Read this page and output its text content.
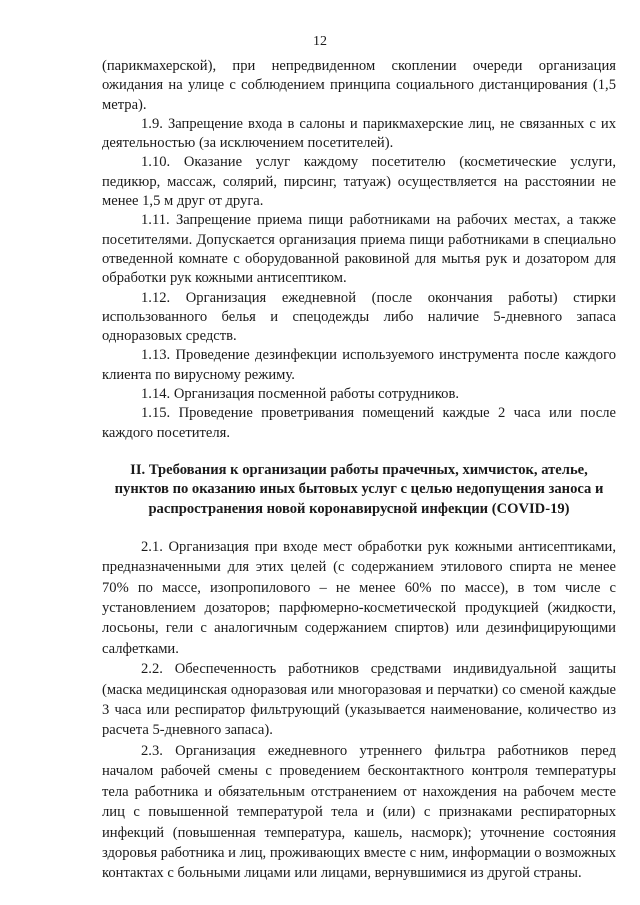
12

(парикмахерской), при непредвиденном скоплении очереди организация ожидания на улице с соблюдением принципа социального дистанцирования (1,5 метра).

1.9. Запрещение входа в салоны и парикмахерские лиц, не связанных с их деятельностью (за исключением посетителей).

1.10. Оказание услуг каждому посетителю (косметические услуги, педикюр, массаж, солярий, пирсинг, татуаж) осуществляется на расстоянии не менее 1,5 м друг от друга.

1.11. Запрещение приема пищи работниками на рабочих местах, а также посетителями. Допускается организация приема пищи работниками в специально отведенной комнате с оборудованной раковиной для мытья рук и дозатором для обработки рук кожными антисептиком.

1.12. Организация ежедневной (после окончания работы) стирки использованного белья и спецодежды либо наличие 5-дневного запаса одноразовых средств.

1.13. Проведение дезинфекции используемого инструмента после каждого клиента по вирусному режиму.

1.14. Организация посменной работы сотрудников.

1.15. Проведение проветривания помещений каждые 2 часа или после каждого посетителя.

II. Требования к организации работы прачечных, химчисток, ателье, пунктов по оказанию иных бытовых услуг с целью недопущения заноса и распространения новой коронавирусной инфекции (COVID-19)

2.1. Организация при входе мест обработки рук кожными антисептиками, предназначенными для этих целей (с содержанием этилового спирта не менее 70% по массе, изопропилового – не менее 60% по массе), в том числе с установлением дозаторов; парфюмерно-косметической продукцией (жидкости, лосьоны, гели с аналогичным содержанием спиртов) или дезинфицирующими салфетками.

2.2. Обеспеченность работников средствами индивидуальной защиты (маска медицинская одноразовая или многоразовая и перчатки) со сменой каждые 3 часа или респиратор фильтрующий (указывается наименование, количество из расчета 5-дневного запаса).

2.3. Организация ежедневного утреннего фильтра работников перед началом рабочей смены с проведением бесконтактного контроля температуры тела работника и обязательным отстранением от нахождения на рабочем месте лиц с повышенной температурой тела и (или) с признаками респираторных инфекций (повышенная температура, кашель, насморк); уточнение состояния здоровья работника и лиц, проживающих вместе с ним, информации о возможных контактах с больными лицами или лицами, вернувшимися из другой страны.
